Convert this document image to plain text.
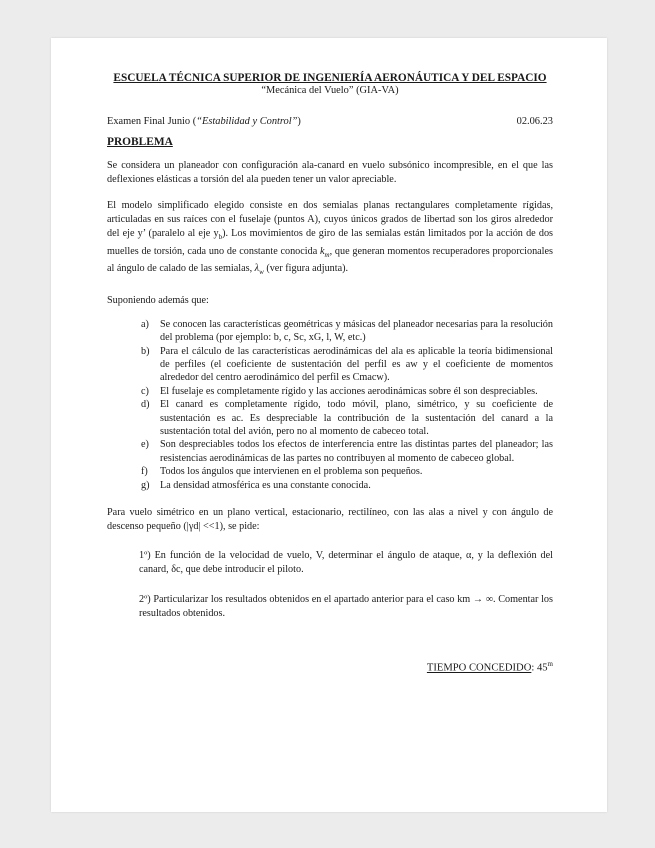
ESCUELA TÉCNICA SUPERIOR DE INGENIERÍA AERONÁUTICA Y DEL ESPACIO
“Mecánica del Vuelo” (GIA-VA)
Examen Final Junio (“Estabilidad y Control”)	02.06.23
PROBLEMA

Se considera un planeador con configuración ala-canard en vuelo subsónico incompresible, en el que las deflexiones elásticas a torsión del ala pueden tener un valor apreciable.

El modelo simplificado elegido consiste en dos semialas planas rectangulares completamente rígidas, articuladas en sus raíces con el fuselaje (puntos A), cuyos únicos grados de libertad son los giros alrededor del eje y’ (paralelo al eje $y_b$). Los movimientos de giro de las semialas están limitados por la acción de dos muelles de torsión, cada uno de constante conocida $k_m$, que generan momentos recuperadores proporcionales al ángulo de calado de las semialas, $\lambda_w$ (ver figura adjunta).

Suponiendo además que:

a)	Se conocen las características geométricas y másicas del planeador necesarias para la resolución del problema (por ejemplo: b, c, Sc, xG, l, W, etc.)
b)	Para el cálculo de las características aerodinámicas del ala es aplicable la teoría bidimensional de perfiles (el coeficiente de sustentación del perfil es aw y el coeficiente de momentos alrededor del centro aerodinámico del perfil es Cmacw).
c)	El fuselaje es completamente rígido y las acciones aerodinámicas sobre él son despreciables.
d)	El canard es completamente rígido, todo móvil, plano, simétrico, y su coeficiente de sustentación es ac. Es despreciable la contribución de la sustentación del canard a la sustentación total del avión, pero no al momento de cabeceo total.
e)	Son despreciables todos los efectos de interferencia entre las distintas partes del planeador; las resistencias aerodinámicas de las partes no contribuyen al momento de cabeceo global.
f)	Todos los ángulos que intervienen en el problema son pequeños.
g)	La densidad atmosférica es una constante conocida.

Para vuelo simétrico en un plano vertical, estacionario, rectilíneo, con las alas a nivel y con ángulo de descenso pequeño (|γd| <<1), se pide:

1º) En función de la velocidad de vuelo, V, determinar el ángulo de ataque, α, y la deflexión del canard, δc, que debe introducir el piloto.

2º) Particularizar los resultados obtenidos en el apartado anterior para el caso km → ∞. Comentar los resultados obtenidos.

TIEMPO CONCEDIDO: 45$^m$
